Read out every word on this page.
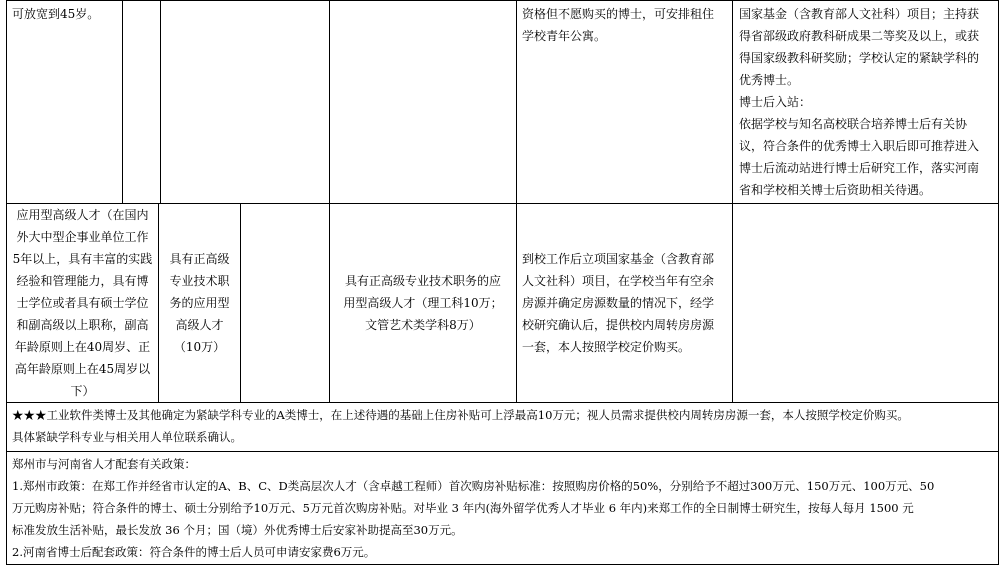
可放宽到45岁。	资格但不愿购买的博士，可安排租住
学校青年公寓。
国家基金（含教育部人文社科）项目；主持获
得省部级政府教科研成果二等奖及以上，或获
得国家级教科研奖励；学校认定的紧缺学科的
优秀博士。
博士后入站：
依据学校与知名高校联合培养博士后有关协
议，符合条件的优秀博士入职后即可推荐进入
博士后流动站进行博士后研究工作，落实河南
省和学校相关博士后资助相关待遇。
应用型高级人才（在国内
外大中型企事业单位工作
5年以上，具有丰富的实践
经验和管理能力，具有博
士学位或者具有硕士学位
和副高级以上职称，副高
年龄原则上在40周岁、正
高年龄原则上在45周岁以
下）
具有正高级
专业技术职
务的应用型
高级人才
（10万）
具有正高级专业技术职务的应
用型高级人才（理工科10万；
文管艺术类学科8万）
到校工作后立项国家基金（含教育部
人文社科）项目，在学校当年有空余
房源并确定房源数量的情况下，经学
校研究确认后，提供校内周转房房源
一套，本人按照学校定价购买。
★★★工业软件类博士及其他确定为紧缺学科专业的A类博士，在上述待遇的基础上住房补贴可上浮最高10万元；视人员需求提供校内周转房房源一套，本人按照学校定价购买。
具体紧缺学科专业与相关用人单位联系确认。
郑州市与河南省人才配套有关政策：
1.郑州市政策：在郑工作并经省市认定的A、B、C、D类高层次人才（含卓越工程师）首次购房补贴标准：按照购房价格的50%，分别给予不超过300万元、150万元、100万元、50
万元购房补贴；符合条件的博士、硕士分别给予10万元、5万元首次购房补贴。对毕业 3 年内(海外留学优秀人才毕业 6 年内)来郑工作的全日制博士研究生，按每人每月 1500 元
标准发放生活补贴，最长发放 36 个月；国（境）外优秀博士后安家补助提高至30万元。
2.河南省博士后配套政策：符合条件的博士后人员可申请安家费6万元。
